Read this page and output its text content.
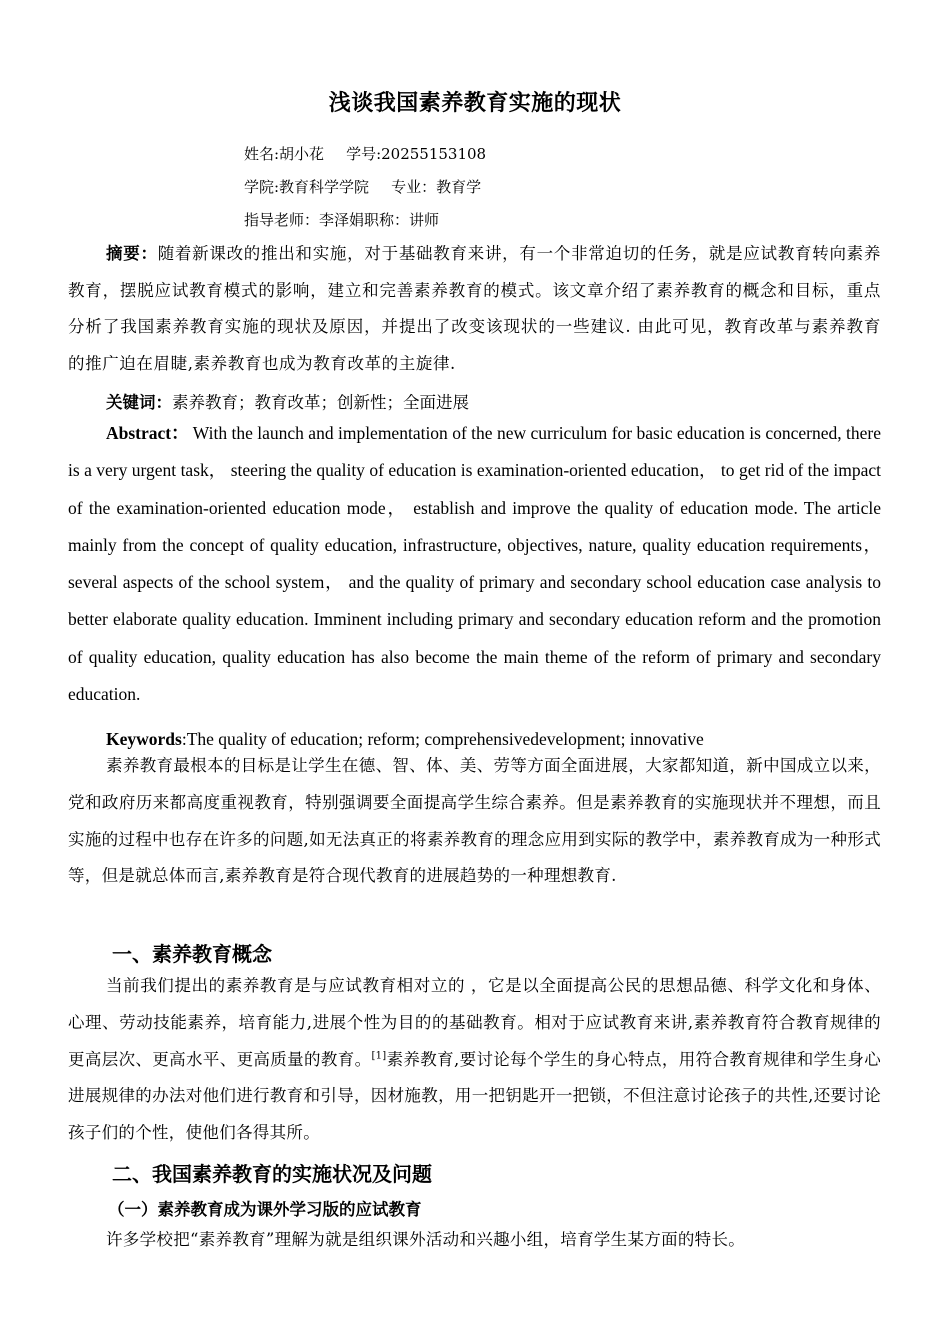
浅谈我国素养教育实施的现状
姓名:胡小花 学号:20255153108
学院:教育科学学院 专业：教育学
指导老师：李泽娟职称：讲师
摘要：随着新课改的推出和实施，对于基础教育来讲，有一个非常迫切的任务，就是应试教育转向素养教育，摆脱应试教育模式的影响，建立和完善素养教育的模式。该文章介绍了素养教育的概念和目标，重点分析了我国素养教育实施的现状及原因，并提出了改变该现状的一些建议. 由此可见，教育改革与素养教育的推广迫在眉睫,素养教育也成为教育改革的主旋律.
关键词：素养教育；教育改革；创新性；全面进展
Abstract： With the launch and implementation of the new curriculum for basic education is concerned, there is a very urgent task， steering the quality of education is examination-oriented education， to get rid of the impact of the examination-oriented education mode， establish and improve the quality of education mode. The article mainly from the concept of quality education, infrastructure, objectives, nature, quality education requirements， several aspects of the school system， and the quality of primary and secondary school education case analysis to better elaborate quality education. Imminent including primary and secondary education reform and the promotion of quality education, quality education has also become the main theme of the reform of primary and secondary education.
Keywords:The quality of education; reform; comprehensivedevelopment; innovative
素养教育最根本的目标是让学生在德、智、体、美、劳等方面全面进展，大家都知道，新中国成立以来，党和政府历来都高度重视教育，特别强调要全面提高学生综合素养。但是素养教育的实施现状并不理想，而且实施的过程中也存在许多的问题,如无法真正的将素养教育的理念应用到实际的教学中，素养教育成为一种形式等，但是就总体而言,素养教育是符合现代教育的进展趋势的一种理想教育.
一、素养教育概念
当前我们提出的素养教育是与应试教育相对立的 ，它是以全面提高公民的思想品德、科学文化和身体、心理、劳动技能素养，培育能力,进展个性为目的的基础教育。相对于应试教育来讲,素养教育符合教育规律的更高层次、更高水平、更高质量的教育。[1]素养教育,要讨论每个学生的身心特点，用符合教育规律和学生身心进展规律的办法对他们进行教育和引导，因材施教，用一把钥匙开一把锁，不但注意讨论孩子的共性,还要讨论孩子们的个性，使他们各得其所。
二、我国素养教育的实施状况及问题
（一）素养教育成为课外学习版的应试教育
许多学校把“素养教育”理解为就是组织课外活动和兴趣小组，培育学生某方面的特长。
